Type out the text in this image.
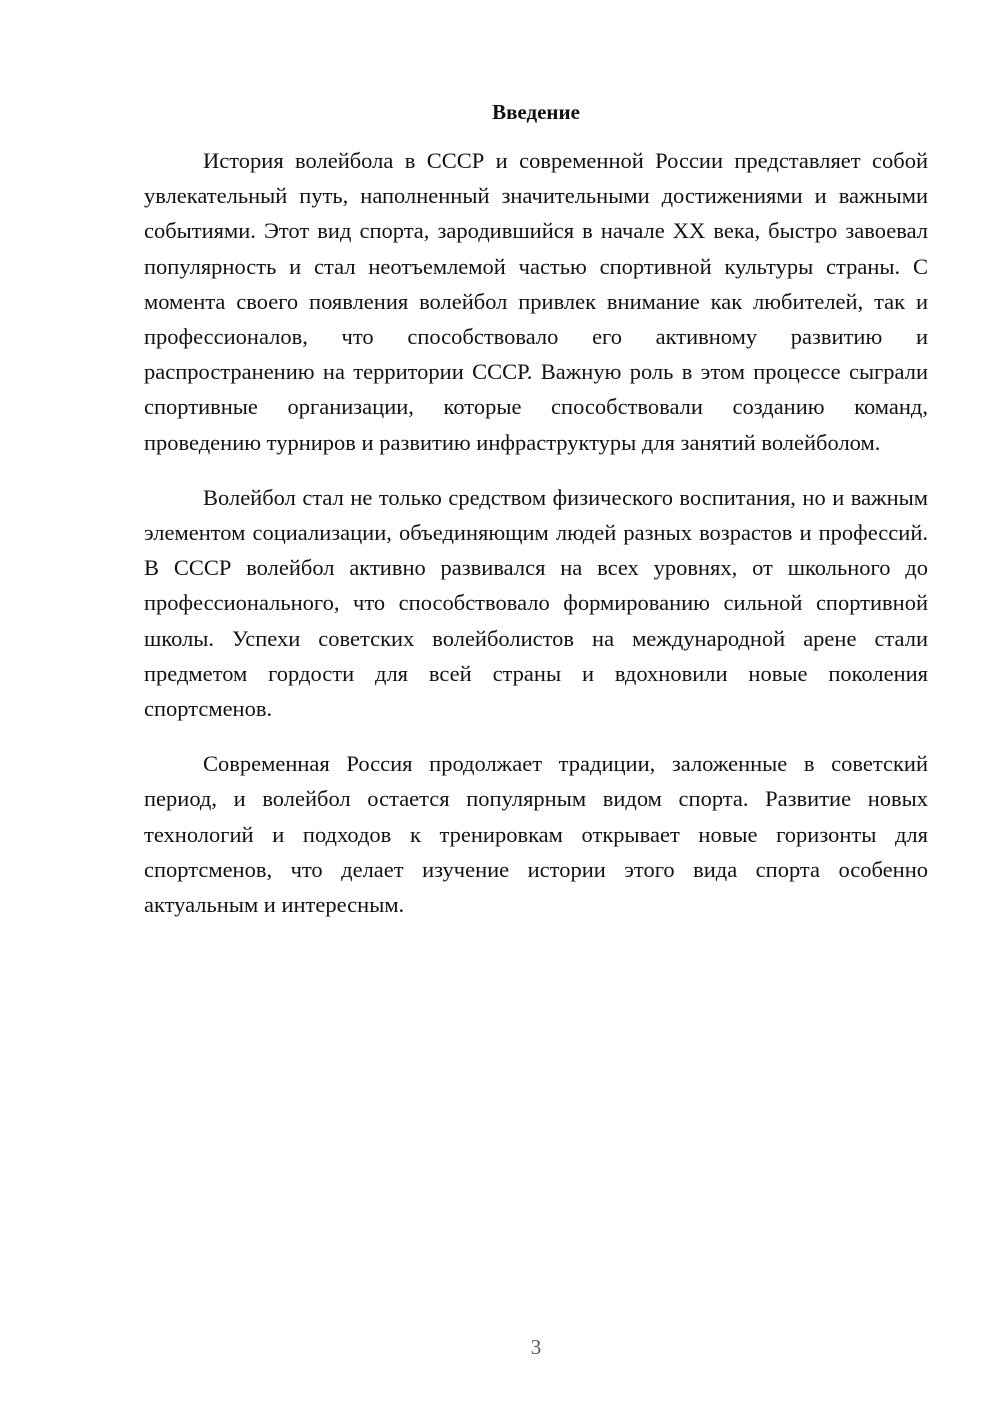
Введение

История волейбола в СССР и современной России представляет собой увлекательный путь, наполненный значительными достижениями и важными событиями. Этот вид спорта, зародившийся в начале XX века, быстро завоевал популярность и стал неотъемлемой частью спортивной культуры страны. С момента своего появления волейбол привлек внимание как любителей, так и профессионалов, что способствовало его активному развитию и распространению на территории СССР. Важную роль в этом процессе сыграли спортивные организации, которые способствовали созданию команд, проведению турниров и развитию инфраструктуры для занятий волейболом.

Волейбол стал не только средством физического воспитания, но и важным элементом социализации, объединяющим людей разных возрастов и профессий. В СССР волейбол активно развивался на всех уровнях, от школьного до профессионального, что способствовало формированию сильной спортивной школы. Успехи советских волейболистов на международной арене стали предметом гордости для всей страны и вдохновили новые поколения спортсменов.

Современная Россия продолжает традиции, заложенные в советский период, и волейбол остается популярным видом спорта. Развитие новых технологий и подходов к тренировкам открывает новые горизонты для спортсменов, что делает изучение истории этого вида спорта особенно актуальным и интересным.

3
